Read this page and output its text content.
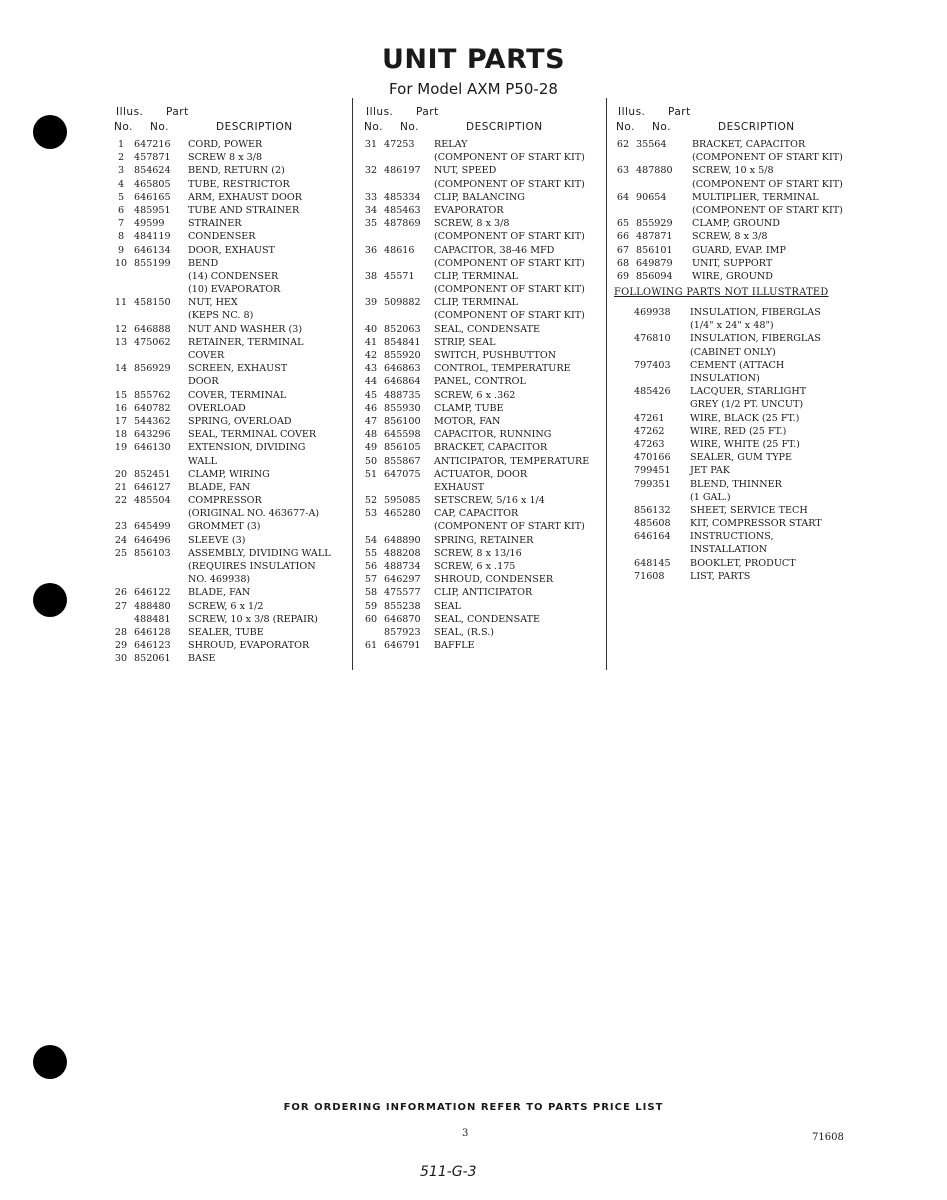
UNIT PARTS
For Model AXM P50-28
Illus. Part
No. No.	DESCRIPTION
1	647216 CORD, POWER
2	457871 SCREW 8 x 3/8
3	854624 BEND, RETURN (2)
4	465805 TUBE, RESTRICTOR
5	646165 ARM, EXHAUST DOOR
6	485951 TUBE AND STRAINER
7	49599 STRAINER
8	484119 CONDENSER
9	646134 DOOR, EXHAUST
10 855199 BEND
(14) CONDENSER
(10) EVAPORATOR
11 458150 NUT, HEX
(KEPS NC. 8)
12 646888 NUT AND WASHER (3)
13 475062 RETAINER, TERMINAL
COVER
14 856929 SCREEN, EXHAUST
DOOR
15 855762 COVER, TERMINAL
16 640782 OVERLOAD
17 544362 SPRING, OVERLOAD
18 643296 SEAL, TERMINAL COVER
19 646130 EXTENSION, DIVIDING
WALL
20 852451 CLAMP, WIRING
21 646127 BLADE, FAN
22 485504 COMPRESSOR
(ORIGINAL NO. 463677-A)
23 645499 GROMMET (3)
24 646496 SLEEVE (3)
25 856103 ASSEMBLY, DIVIDING WALL
(REQUIRES INSULATION
NO. 469938)
26 646122 BLADE, FAN
27 488480 SCREW, 6 x 1/2
488481 SCREW, 10 x 3/8 (REPAIR)
28 646128 SEALER, TUBE
29 646123 SHROUD, EVAPORATOR
30 852061 BASE
Illus. Part
No. No.	DESCRIPTION
31 47253 RELAY
(COMPONENT OF START KIT)
32 486197 NUT, SPEED
(COMPONENT OF START KIT)
33 485334 CLIP, BALANCING
34 485463 EVAPORATOR
35 487869 SCREW, 8 x 3/8
(COMPONENT OF START KIT)
36 48616 CAPACITOR, 38-46 MFD
(COMPONENT OF START KIT)
38 45571 CLIP, TERMINAL
(COMPONENT OF START KIT)
39 509882 CLIP, TERMINAL
(COMPONENT OF START KIT)
40 852063 SEAL, CONDENSATE
41 854841 STRIP, SEAL
42 855920 SWITCH, PUSHBUTTON
43 646863 CONTROL, TEMPERATURE
44 646864 PANEL, CONTROL
45 488735 SCREW, 6 x .362
46 855930 CLAMP, TUBE
47 856100 MOTOR, FAN
48 645598 CAPACITOR, RUNNING
49 856105 BRACKET, CAPACITOR
50 855867 ANTICIPATOR, TEMPERATURE
51 647075 ACTUATOR, DOOR
EXHAUST
52 595085 SETSCREW, 5/16 x 1/4
53 465280 CAP, CAPACITOR
(COMPONENT OF START KIT)
54 648890 SPRING, RETAINER
55 488208 SCREW, 8 x 13/16
56 488734 SCREW, 6 x .175
57 646297 SHROUD, CONDENSER
58 475577 CLIP, ANTICIPATOR
59 855238 SEAL
60 646870 SEAL, CONDENSATE
857923 SEAL, (R.S.)
61 646791 BAFFLE
Illus. Part
No. No.	DESCRIPTION
62 35564	BRACKET, CAPACITOR
(COMPONENT OF START KIT)
63 487880 SCREW, 10 x 5/8
(COMPONENT OF START KIT)
64 90654	MULTIPLIER, TERMINAL
(COMPONENT OF START KIT)
65 855929 CLAMP, GROUND
66 487871 SCREW, 8 x 3/8
67 856101 GUARD, EVAP. IMP
68 649879 UNIT, SUPPORT
69 856094 WIRE, GROUND
FOLLOWING PARTS NOT ILLUSTRATED
469938 INSULATION, FIBERGLAS
(1/4" x 24" x 48")
476810 INSULATION, FIBERGLAS
(CABINET ONLY)
797403 CEMENT (ATTACH
INSULATION)
485426 LACQUER, STARLIGHT
GREY (1/2 PT. UNCUT)
47261	WIRE, BLACK (25 FT.)
47262	WIRE, RED (25 FT.)
47263	WIRE, WHITE (25 FT.)
470166 SEALER, GUM TYPE
799451 JET PAK
799351 BLEND, THINNER
(1 GAL.)
856132 SHEET, SERVICE TECH
485608 KIT, COMPRESSOR START
646164 INSTRUCTIONS,
INSTALLATION
648145 BOOKLET, PRODUCT
71608	LIST, PARTS
FOR ORDERING INFORMATION REFER TO PARTS PRICE LIST
3	71608
511-G-3
